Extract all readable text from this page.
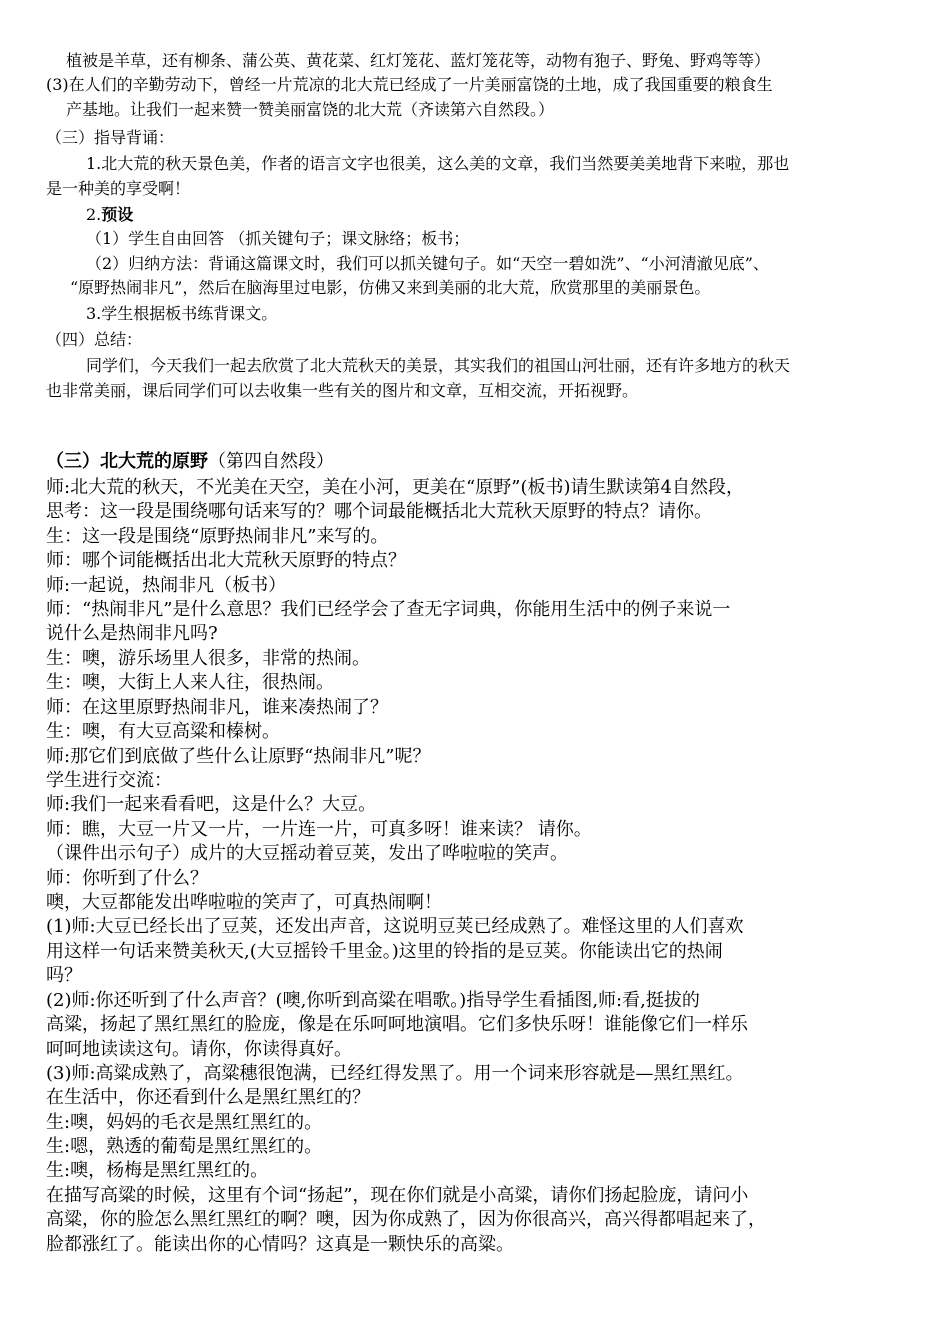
植被是羊草，还有柳条、蒲公英、黄花菜、红灯笼花、蓝灯笼花等，动物有狍子、野兔、野鸡等等）
(3)在人们的辛勤劳动下，曾经一片荒凉的北大荒已经成了一片美丽富饶的土地，成了我国重要的粮食生
产基地。让我们一起来赞一赞美丽富饶的北大荒（齐读第六自然段。）
（三）指导背诵：
1.北大荒的秋天景色美，作者的语言文字也很美，这么美的文章，我们当然要美美地背下来啦，那也
是一种美的享受啊！
2.预设
（1）学生自由回答 （抓关键句子；课文脉络；板书；
（2）归纳方法：背诵这篇课文时，我们可以抓关键句子。如“天空一碧如洗”、“小河清澈见底”、
“原野热闹非凡”，然后在脑海里过电影，仿佛又来到美丽的北大荒，欣赏那里的美丽景色。
3.学生根据板书练背课文。
（四）总结：
同学们，今天我们一起去欣赏了北大荒秋天的美景，其实我们的祖国山河壮丽，还有许多地方的秋天
也非常美丽，课后同学们可以去收集一些有关的图片和文章，互相交流，开拓视野。
（三）北大荒的原野（第四自然段）
师:北大荒的秋天，不光美在天空，美在小河，更美在“原野”(板书)请生默读第4自然段，
思考：这一段是围绕哪句话来写的？哪个词最能概括北大荒秋天原野的特点？请你。
生：这一段是围绕“原野热闹非凡”来写的。
师：哪个词能概括出北大荒秋天原野的特点？
师:一起说，热闹非凡（板书）
师：“热闹非凡”是什么意思？我们已经学会了查无字词典，你能用生活中的例子来说一
说什么是热闹非凡吗?
生：噢，游乐场里人很多，非常的热闹。
生：噢，大街上人来人往，很热闹。
师：在这里原野热闹非凡，谁来凑热闹了？
生：噢，有大豆高粱和榛树。
师:那它们到底做了些什么让原野“热闹非凡”呢？
学生进行交流：
师:我们一起来看看吧，这是什么？大豆。
师：瞧，大豆一片又一片，一片连一片，可真多呀！谁来读？ 请你。
（课件出示句子）成片的大豆摇动着豆荚，发出了哗啦啦的笑声。
师：你听到了什么？
噢，大豆都能发出哗啦啦的笑声了，可真热闹啊！
(1)师:大豆已经长出了豆荚，还发出声音，这说明豆荚已经成熟了。难怪这里的人们喜欢
用这样一句话来赞美秋天,(大豆摇铃千里金。)这里的铃指的是豆荚。你能读出它的热闹
吗？
(2)师:你还听到了什么声音？(噢,你听到高粱在唱歌。)指导学生看插图,师:看,挺拔的
高粱，扬起了黑红黑红的脸庞，像是在乐呵呵地演唱。它们多快乐呀！谁能像它们一样乐
呵呵地读读这句。请你，你读得真好。
(3)师:高粱成熟了，高粱穗很饱满，已经红得发黑了。用一个词来形容就是—黑红黑红。
在生活中，你还看到什么是黑红黑红的？
生:噢，妈妈的毛衣是黑红黑红的。
生:嗯，熟透的葡萄是黑红黑红的。
生:噢，杨梅是黑红黑红的。
在描写高粱的时候，这里有个词“扬起”，现在你们就是小高粱，请你们扬起脸庞，请问小
高粱，你的脸怎么黑红黑红的啊？噢，因为你成熟了，因为你很高兴，高兴得都唱起来了，
脸都涨红了。能读出你的心情吗？这真是一颗快乐的高粱。
